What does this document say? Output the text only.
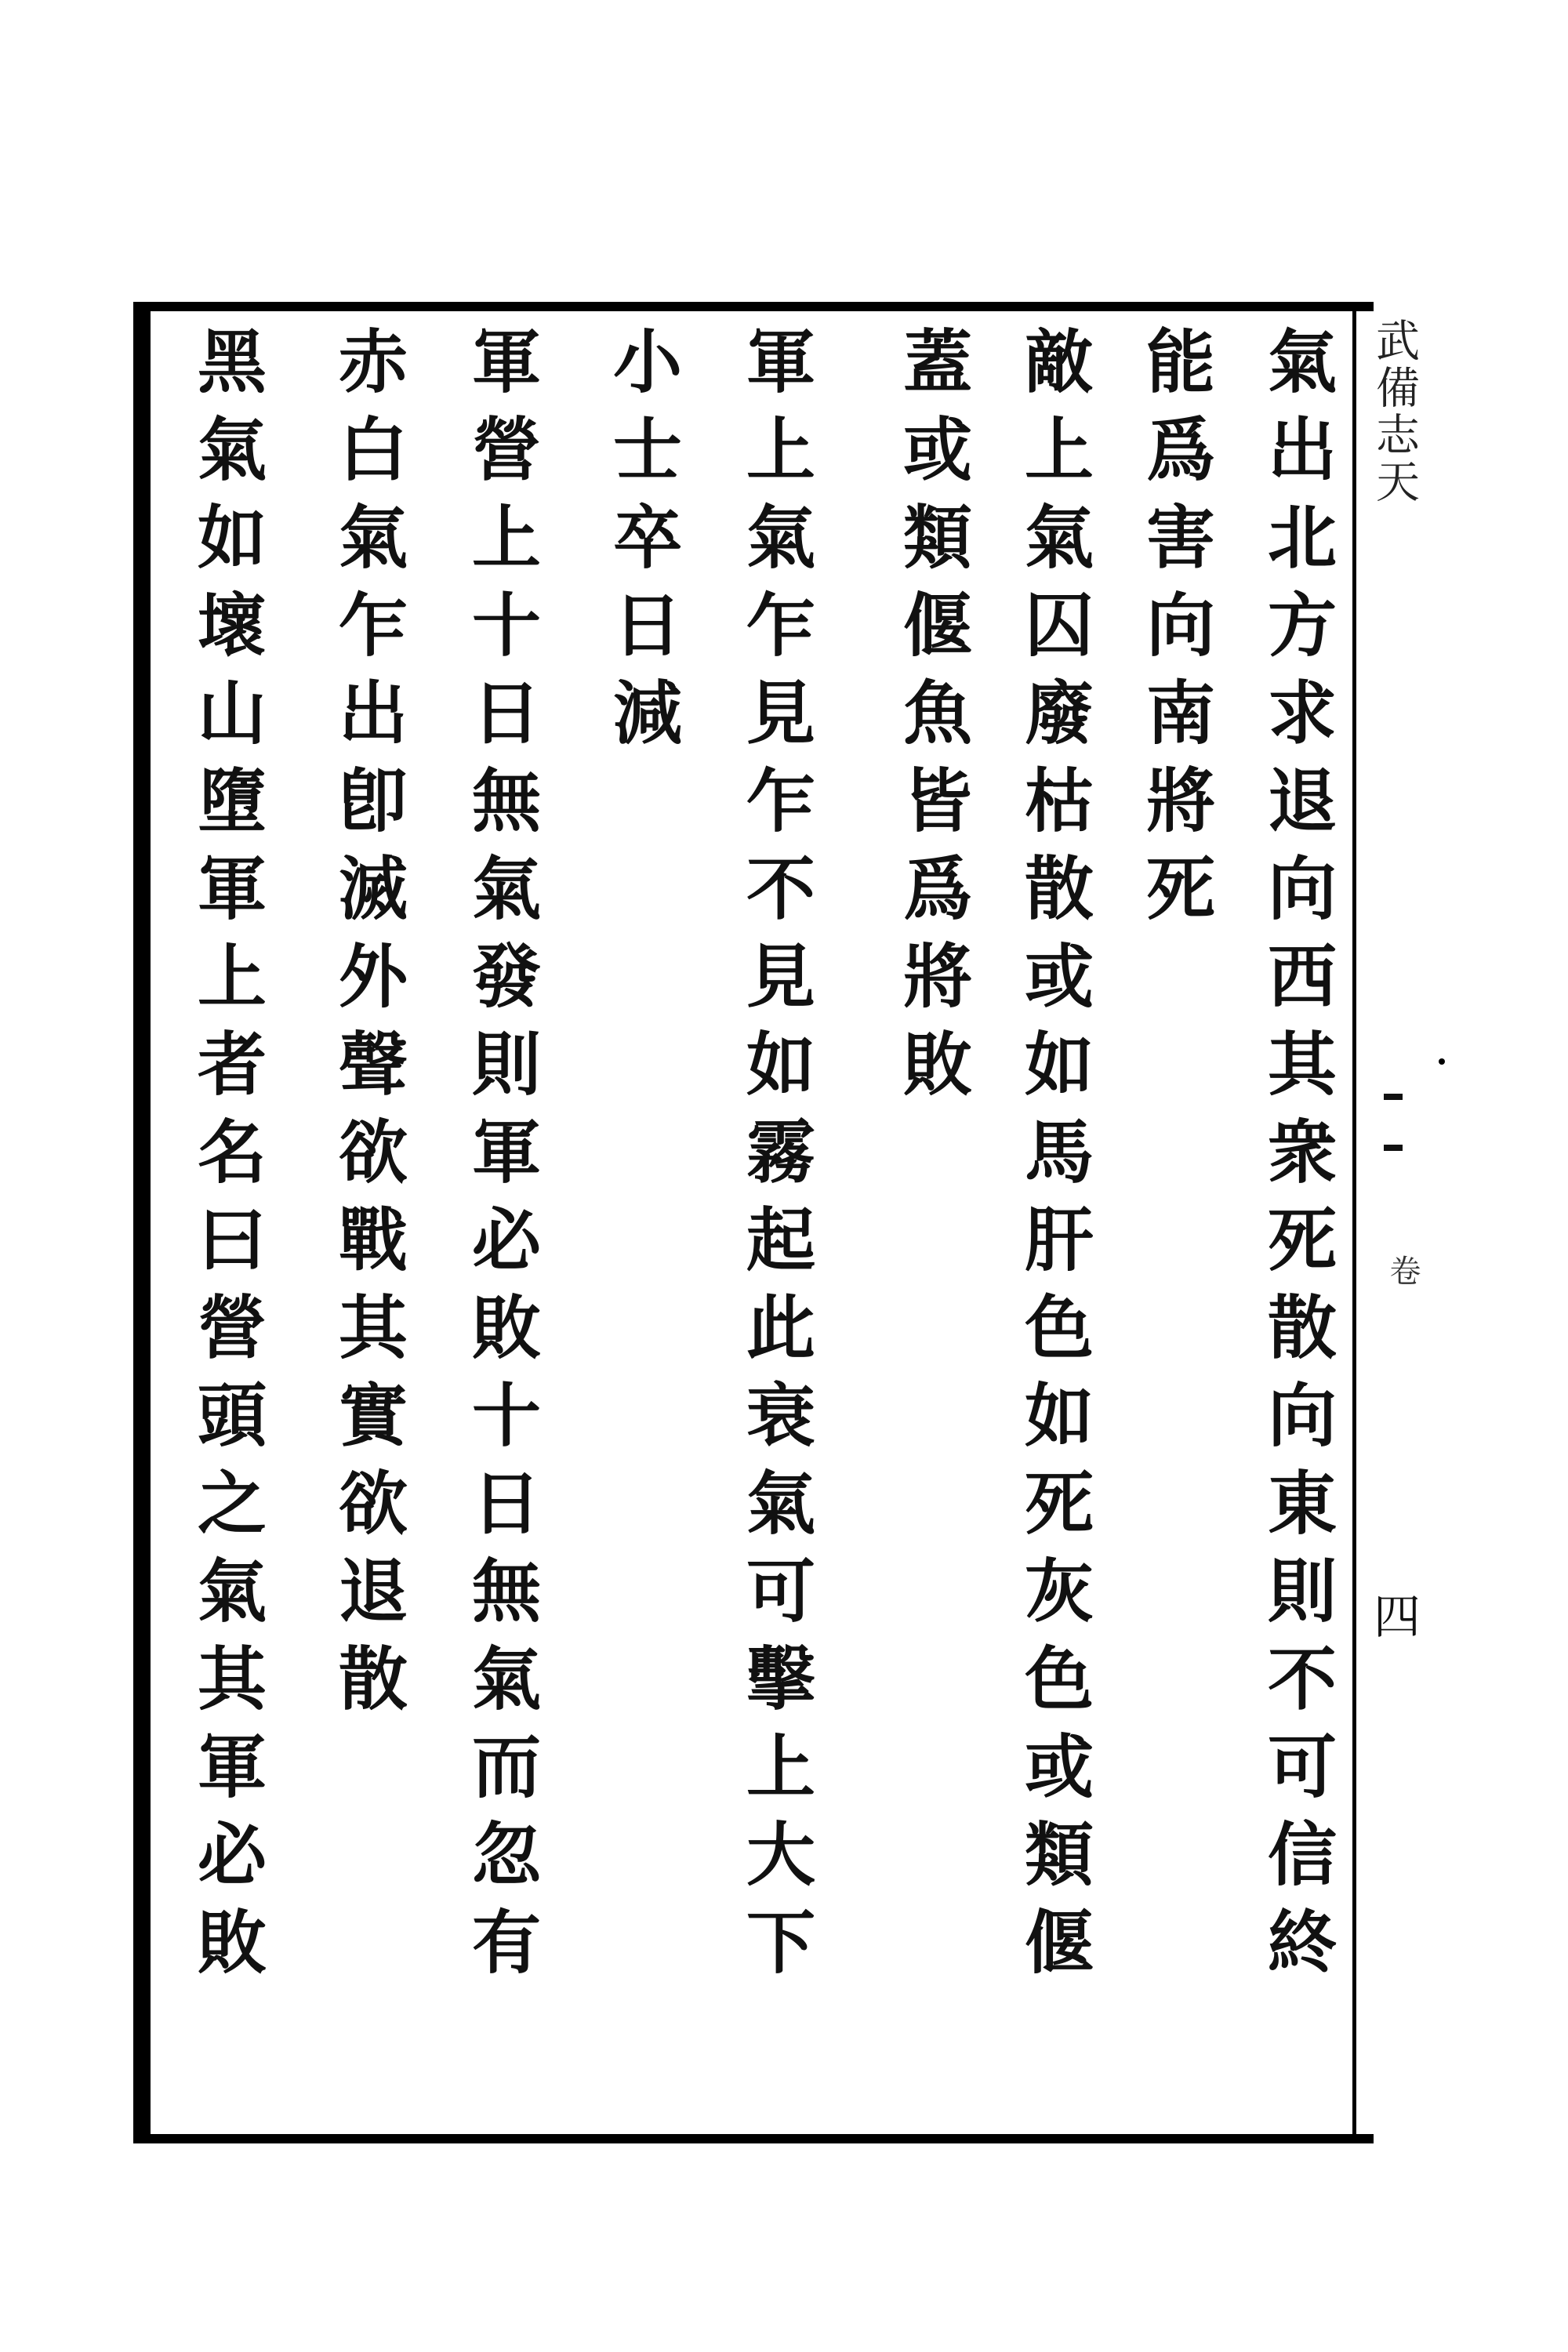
武備志天
卷
四
氣出北方求退向西其衆死散向東則不可信終
能爲害向南將死
敵上氣囚廢枯散或如馬肝色如死灰色或類偃
蓋或類偃魚皆爲將敗
軍上氣乍見乍不見如霧起此衰氣可擊上大下
小士卒日減
軍營上十日無氣發則軍必敗十日無氣而忽有
赤白氣乍出卽滅外聲欲戰其實欲退散
黑氣如壞山墮軍上者名曰營頭之氣其軍必敗
